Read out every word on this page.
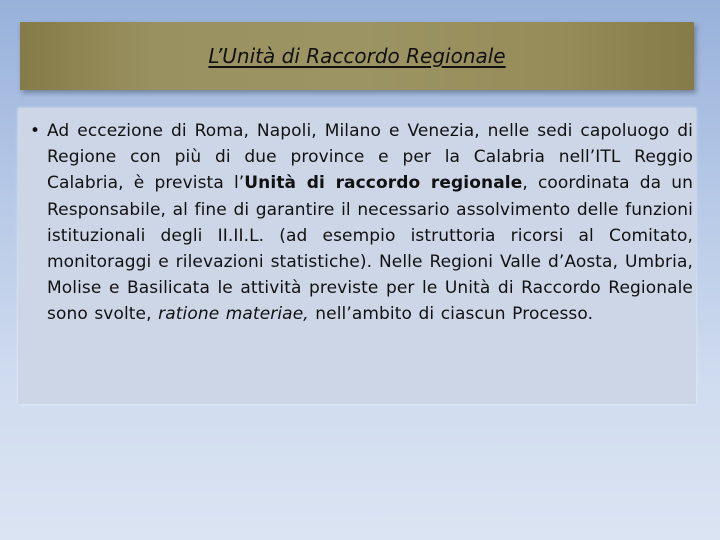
L’Unità di Raccordo Regionale

• Ad eccezione di Roma, Napoli, Milano e Venezia, nelle sedi capoluogo di Regione con più di due province e per la Calabria nell’ITL Reggio Calabria, è prevista l’Unità di raccordo regionale, coordinata da un Responsabile, al fine di garantire il necessario assolvimento delle funzioni istituzionali degli II.II.L. (ad esempio istruttoria ricorsi al Comitato, monitoraggi e rilevazioni statistiche). Nelle Regioni Valle d’Aosta, Umbria, Molise e Basilicata le attività previste per le Unità di Raccordo Regionale sono svolte, ratione materiae, nell’ambito di ciascun Processo.
